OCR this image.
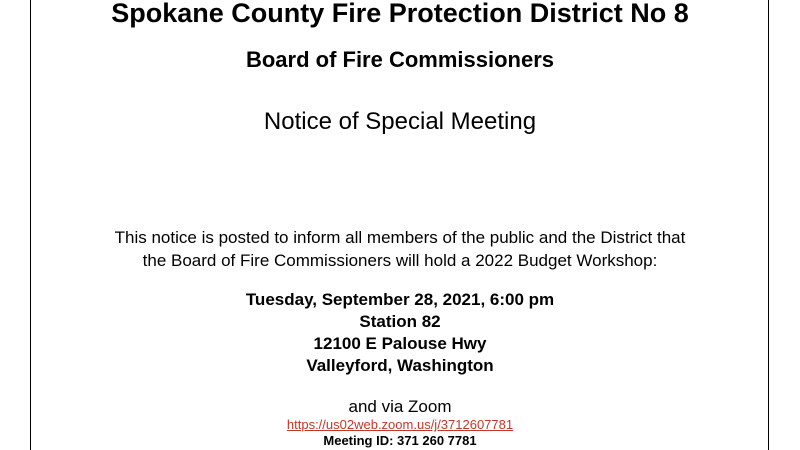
Spokane County Fire Protection District No 8
Board of Fire Commissioners

Notice of Special Meeting

This notice is posted to inform all members of the public and the District that

the Board of Fire Commissioners will hold a 2022 Budget Workshop:

Tuesday, September 28, 2021, 6:00 pm

Station 82

12100 E Palouse Hwy

Valleyford, Washington

and via Zoom

https://us02web.zoom.us/j/3712607781

Meeting ID: 371 260 7781
